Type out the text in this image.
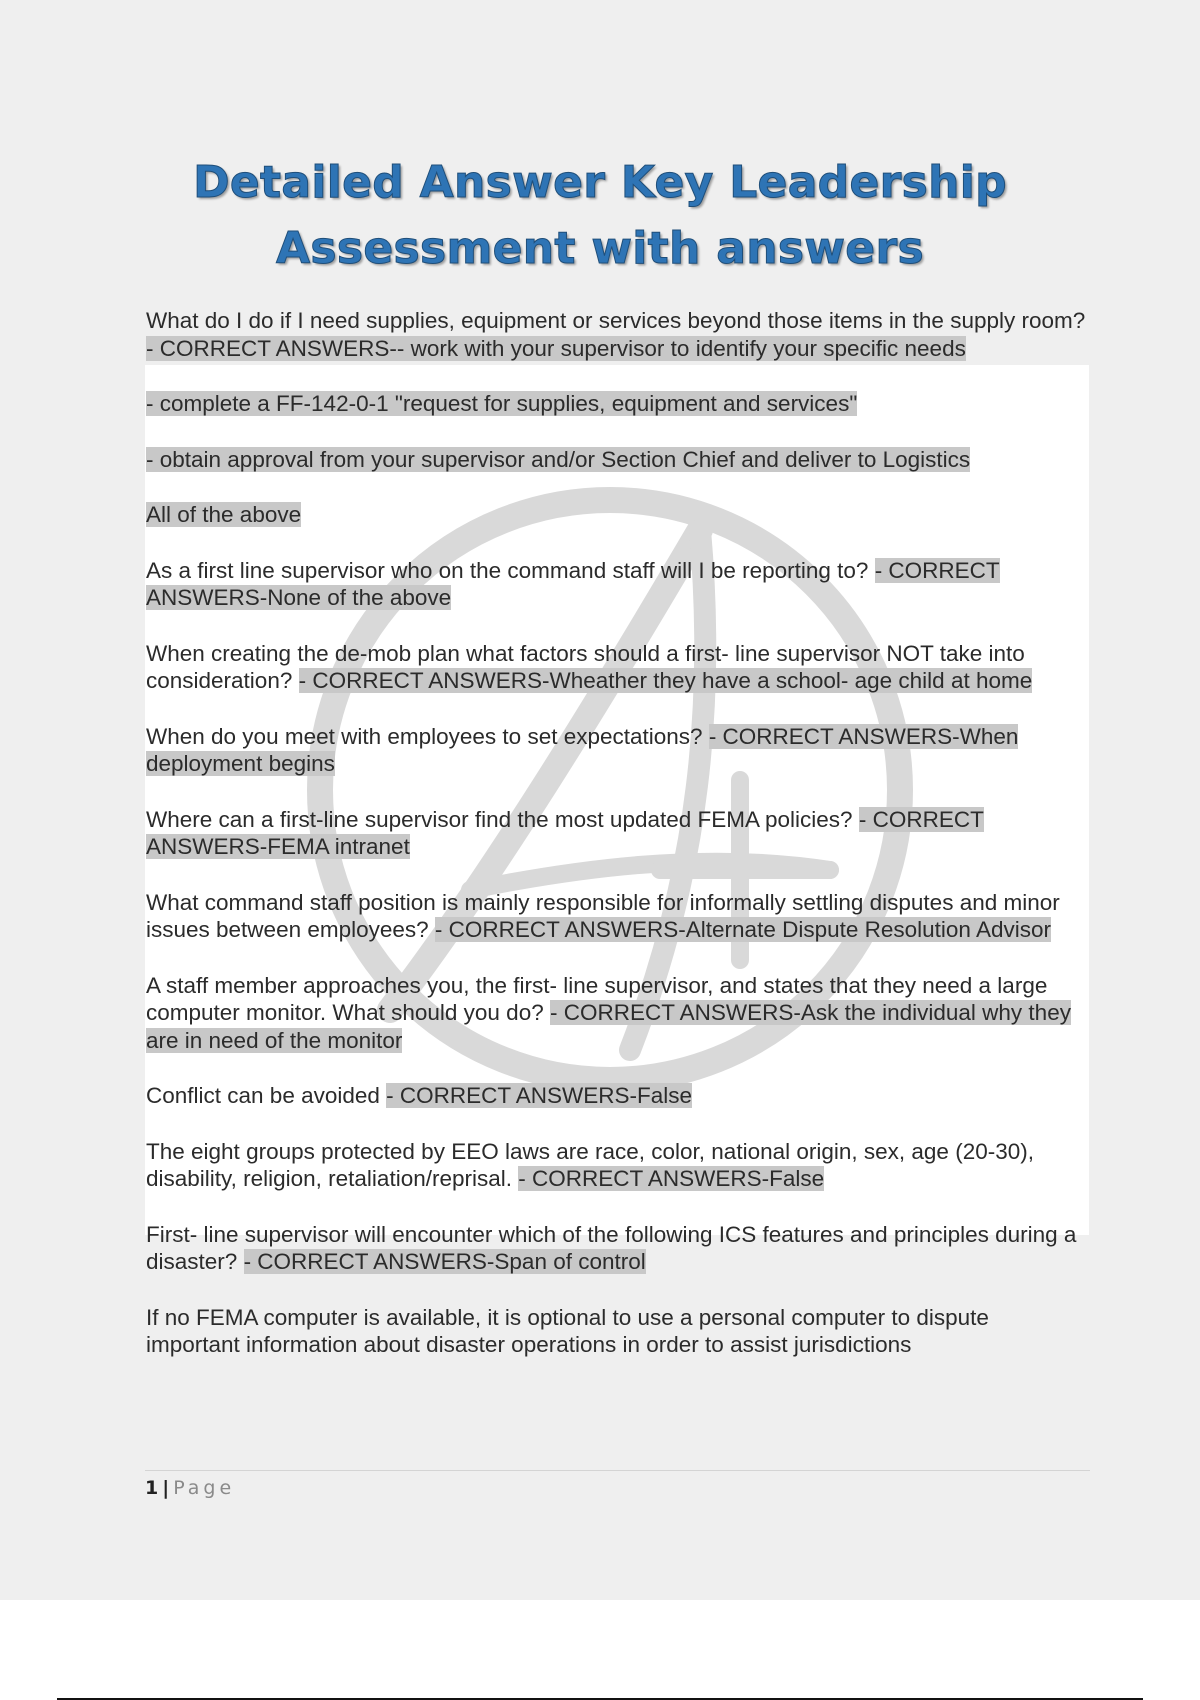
Detailed Answer Key Leadership
Assessment with answers

What do I do if I need supplies, equipment or services beyond those items in the supply room? - CORRECT ANSWERS-- work with your supervisor to identify your specific needs

- complete a FF-142-0-1 "request for supplies, equipment and services"

- obtain approval from your supervisor and/or Section Chief and deliver to Logistics

All of the above

As a first line supervisor who on the command staff will I be reporting to? - CORRECT ANSWERS-None of the above

When creating the de-mob plan what factors should a first- line supervisor NOT take into consideration? - CORRECT ANSWERS-Wheather they have a school- age child at home

When do you meet with employees to set expectations? - CORRECT ANSWERS-When deployment begins

Where can a first-line supervisor find the most updated FEMA policies? - CORRECT ANSWERS-FEMA intranet

What command staff position is mainly responsible for informally settling disputes and minor issues between employees? - CORRECT ANSWERS-Alternate Dispute Resolution Advisor

A staff member approaches you, the first- line supervisor, and states that they need a large computer monitor. What should you do? - CORRECT ANSWERS-Ask the individual why they are in need of the monitor

Conflict can be avoided - CORRECT ANSWERS-False

The eight groups protected by EEO laws are race, color, national origin, sex, age (20-30), disability, religion, retaliation/reprisal. - CORRECT ANSWERS-False

First- line supervisor will encounter which of the following ICS features and principles during a disaster? - CORRECT ANSWERS-Span of control

If no FEMA computer is available, it is optional to use a personal computer to dispute important information about disaster operations in order to assist jurisdictions

1 | Page
